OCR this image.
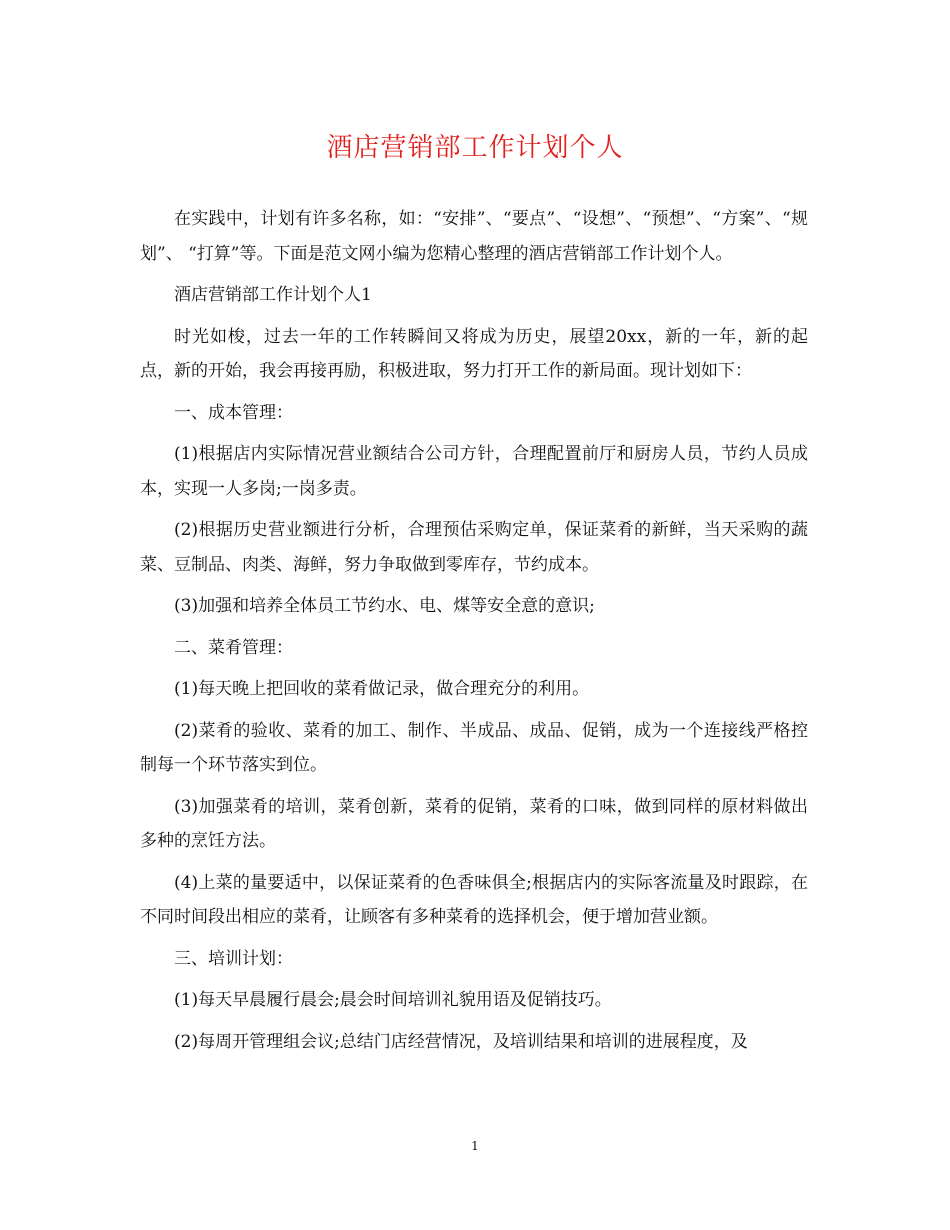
酒店营销部工作计划个人

在实践中，计划有许多名称，如：“安排”、“要点”、“设想”、“预想”、“方案”、“规划”、 “打算”等。下面是范文网小编为您精心整理的酒店营销部工作计划个人。

酒店营销部工作计划个人1

时光如梭，过去一年的工作转瞬间又将成为历史，展望20xx，新的一年，新的起点，新的开始，我会再接再励，积极进取，努力打开工作的新局面。现计划如下：

一、成本管理：

(1)根据店内实际情况营业额结合公司方针，合理配置前厅和厨房人员，节约人员成本，实现一人多岗;一岗多责。

(2)根据历史营业额进行分析，合理预估采购定单，保证菜肴的新鲜，当天采购的蔬菜、豆制品、肉类、海鲜，努力争取做到零库存，节约成本。

(3)加强和培养全体员工节约水、电、煤等安全意的意识;

二、菜肴管理：

(1)每天晚上把回收的菜肴做记录，做合理充分的利用。

(2)菜肴的验收、菜肴的加工、制作、半成品、成品、促销，成为一个连接线严格控制每一个环节落实到位。

(3)加强菜肴的培训，菜肴创新，菜肴的促销，菜肴的口味，做到同样的原材料做出多种的烹饪方法。

(4)上菜的量要适中，以保证菜肴的色香味俱全;根据店内的实际客流量及时跟踪，在不同时间段出相应的菜肴，让顾客有多种菜肴的选择机会，便于增加营业额。

三、培训计划：

(1)每天早晨履行晨会;晨会时间培训礼貌用语及促销技巧。

(2)每周开管理组会议;总结门店经营情况，及培训结果和培训的进展程度，及

1
